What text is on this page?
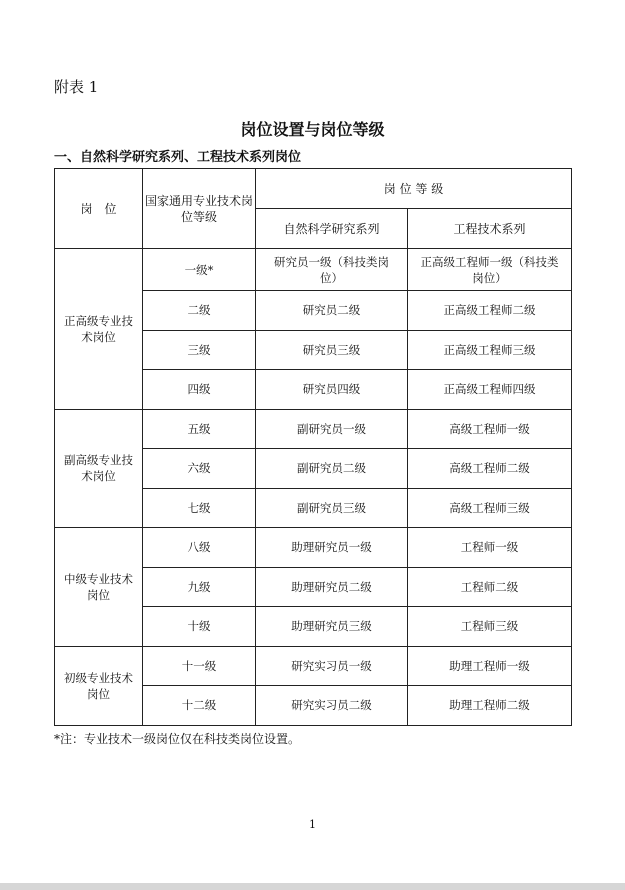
附表 1
岗位设置与岗位等级
一、自然科学研究系列、工程技术系列岗位
岗　位	国家通用专业技术岗位等级	岗 位 等 级	
		自然科学研究系列	工程技术系列
正高级专业技术岗位	一级*	研究员一级（科技类岗位）	正高级工程师一级（科技类岗位）
	二级	研究员二级	正高级工程师二级
	三级	研究员三级	正高级工程师三级
	四级	研究员四级	正高级工程师四级
副高级专业技术岗位	五级	副研究员一级	高级工程师一级
	六级	副研究员二级	高级工程师二级
	七级	副研究员三级	高级工程师三级
中级专业技术岗位	八级	助理研究员一级	工程师一级
	九级	助理研究员二级	工程师二级
	十级	助理研究员三级	工程师三级
初级专业技术岗位	十一级	研究实习员一级	助理工程师一级
	十二级	研究实习员二级	助理工程师二级
*注：专业技术一级岗位仅在科技类岗位设置。
1
